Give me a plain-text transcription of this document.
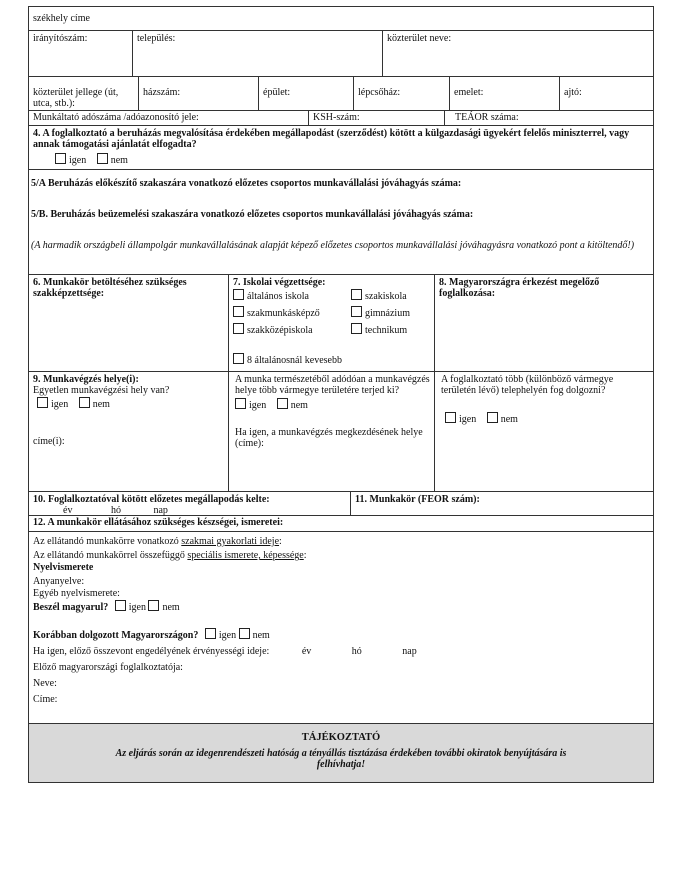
székhely címe
irányítószám:	település:	közterület neve:
közterület jellege (út, utca, stb.):
házszám:	épület:	lépcsőház:	emelet:	ajtó:
Munkáltató adószáma /adóazonosító jele:	KSH-szám:	TEÁOR száma:
4. A foglalkoztató a beruházás megvalósítása érdekében megállapodást (szerződést) kötött a külgazdasági ügyekért felelős miniszterrel, vagy annak támogatási ajánlatát elfogadta?
igen nem
5/A Beruházás előkészítő szakaszára vonatkozó előzetes csoportos munkavállalási jóváhagyás száma:
5/B. Beruházás beüzemelési szakaszára vonatkozó előzetes csoportos munkavállalási jóváhagyás száma:
(A harmadik országbeli állampolgár munkavállalásának alapját képező előzetes csoportos munkavállalási jóváhagyásra vonatkozó pont a kitöltendő!)
6. Munkakör betöltéséhez szükséges szakképzettsége:
7. Iskolai végzettsége:
általános iskola
szakmunkásképző
szakközépiskola
szakiskola
gimnázium
technikum
8 általánosnál kevesebb
8. Magyarországra érkezést megelőző foglalkozása:
9. Munkavégzés helye(i):
Egyetlen munkavégzési hely van?
igen nem
címe(i):
A munka természetéből adódóan a munkavégzés helye több vármegye területére terjed ki?
igen nem
Ha igen, a munkavégzés megkezdésének helye (címe):
A foglalkoztató több (különböző vármegye területén lévő) telephelyén fog dolgozni?
igen nem
10. Foglalkoztatóval kötött előzetes megállapodás kelte:
év	hó	nap
11. Munkakör (FEOR szám):
12. A munkakör ellátásához szükséges készségei, ismeretei:
Az ellátandó munkakörre vonatkozó szakmai gyakorlati ideje:
Az ellátandó munkakörrel összefüggő speciális ismerete, képessége:
Nyelvismerete
Anyanyelve:
Egyéb nyelvismerete:
Beszél magyarul? igen nem
Korábban dolgozott Magyarországon? igen nem
Ha igen, előző összevont engedélyének érvényességi ideje:	év	hó	nap
Előző magyarországi foglalkoztatója:
Neve:
Címe:
TÁJÉKOZTATÓ
Az eljárás során az idegenrendészeti hatóság a tényállás tisztázása érdekében további okiratok benyújtására is felhívhatja!
